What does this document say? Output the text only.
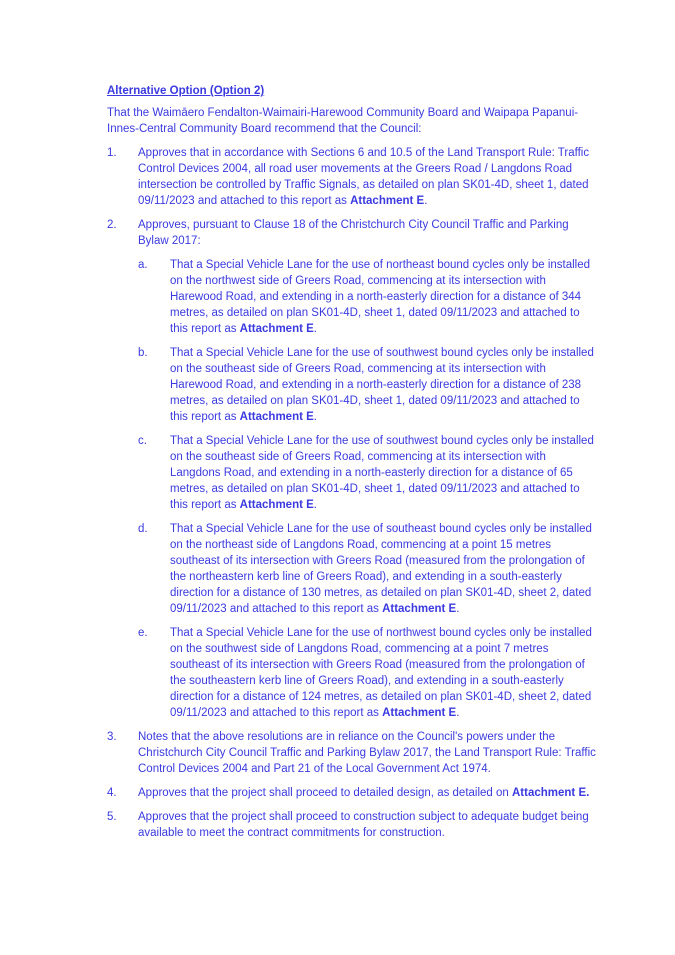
Alternative Option (Option 2)
That the Waimāero Fendalton-Waimairi-Harewood Community Board and Waipapa Papanui-Innes-Central Community Board recommend that the Council:
1.	Approves that in accordance with Sections 6 and 10.5 of the Land Transport Rule: Traffic Control Devices 2004, all road user movements at the Greers Road / Langdons Road intersection be controlled by Traffic Signals, as detailed on plan SK01-4D, sheet 1, dated 09/11/2023 and attached to this report as Attachment E.
2.	Approves, pursuant to Clause 18 of the Christchurch City Council Traffic and Parking Bylaw 2017:
a.	That a Special Vehicle Lane for the use of northeast bound cycles only be installed on the northwest side of Greers Road, commencing at its intersection with Harewood Road, and extending in a north-easterly direction for a distance of 344 metres, as detailed on plan SK01-4D, sheet 1, dated 09/11/2023 and attached to this report as Attachment E.
b.	That a Special Vehicle Lane for the use of southwest bound cycles only be installed on the southeast side of Greers Road, commencing at its intersection with Harewood Road, and extending in a north-easterly direction for a distance of 238 metres, as detailed on plan SK01-4D, sheet 1, dated 09/11/2023 and attached to this report as Attachment E.
c.	That a Special Vehicle Lane for the use of southwest bound cycles only be installed on the southeast side of Greers Road, commencing at its intersection with Langdons Road, and extending in a north-easterly direction for a distance of 65 metres, as detailed on plan SK01-4D, sheet 1, dated 09/11/2023 and attached to this report as Attachment E.
d.	That a Special Vehicle Lane for the use of southeast bound cycles only be installed on the northeast side of Langdons Road, commencing at a point 15 metres southeast of its intersection with Greers Road (measured from the prolongation of the northeastern kerb line of Greers Road), and extending in a south-easterly direction for a distance of 130 metres, as detailed on plan SK01-4D, sheet 2, dated 09/11/2023 and attached to this report as Attachment E.
e.	That a Special Vehicle Lane for the use of northwest bound cycles only be installed on the southwest side of Langdons Road, commencing at a point 7 metres southeast of its intersection with Greers Road (measured from the prolongation of the southeastern kerb line of Greers Road), and extending in a south-easterly direction for a distance of 124 metres, as detailed on plan SK01-4D, sheet 2, dated 09/11/2023 and attached to this report as Attachment E.
3.	Notes that the above resolutions are in reliance on the Council's powers under the Christchurch City Council Traffic and Parking Bylaw 2017, the Land Transport Rule: Traffic Control Devices 2004 and Part 21 of the Local Government Act 1974.
4.	Approves that the project shall proceed to detailed design, as detailed on Attachment E.
5.	Approves that the project shall proceed to construction subject to adequate budget being available to meet the contract commitments for construction.
